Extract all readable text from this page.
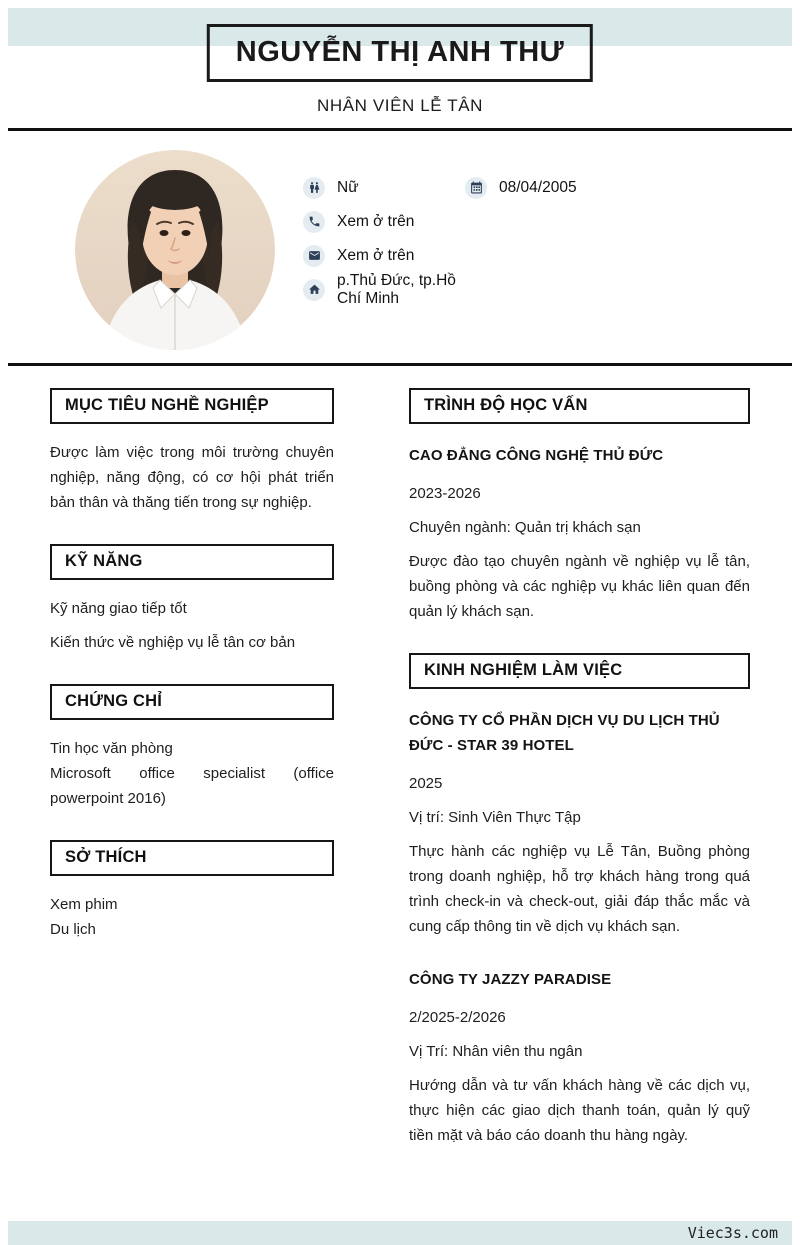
NGUYỄN THỊ ANH THƯ
NHÂN VIÊN LỄ TÂN
Nữ	08/04/2005
Xem ở trên
Xem ở trên
p.Thủ Đức, tp.Hồ Chí Minh
MỤC TIÊU NGHỀ NGHIỆP

Được làm việc trong môi trường chuyên nghiệp, năng động, có cơ hội phát triển bản thân và thăng tiến trong sự nghiệp.

KỸ NĂNG

Kỹ năng giao tiếp tốt

Kiến thức về nghiệp vụ lễ tân cơ bản

CHỨNG CHỈ

Tin học văn phòng

Microsoft office specialist (office powerpoint 2016)

SỞ THÍCH

Xem phim

Du lịch

TRÌNH ĐỘ HỌC VẤN
CAO ĐẲNG CÔNG NGHỆ THỦ ĐỨC
2023-2026
Chuyên ngành: Quản trị khách sạn

Được đào tạo chuyên ngành về nghiệp vụ lễ tân, buồng phòng và các nghiệp vụ khác liên quan đến quản lý khách sạn.

KINH NGHIỆM LÀM VIỆC
CÔNG TY CỔ PHẦN DỊCH VỤ DU LỊCH THỦ ĐỨC - STAR 39 HOTEL
2025
Vị trí: Sinh Viên Thực Tập

Thực hành các nghiệp vụ Lễ Tân, Buồng phòng trong doanh nghiệp, hỗ trợ khách hàng trong quá trình check-in và check-out, giải đáp thắc mắc và cung cấp thông tin về dịch vụ khách sạn.

CÔNG TY JAZZY PARADISE
2/2025-2/2026
Vị Trí: Nhân viên thu ngân

Hướng dẫn và tư vấn khách hàng về các dịch vụ, thực hiện các giao dịch thanh toán, quản lý quỹ tiền mặt và báo cáo doanh thu hàng ngày.

Viec3s.com
